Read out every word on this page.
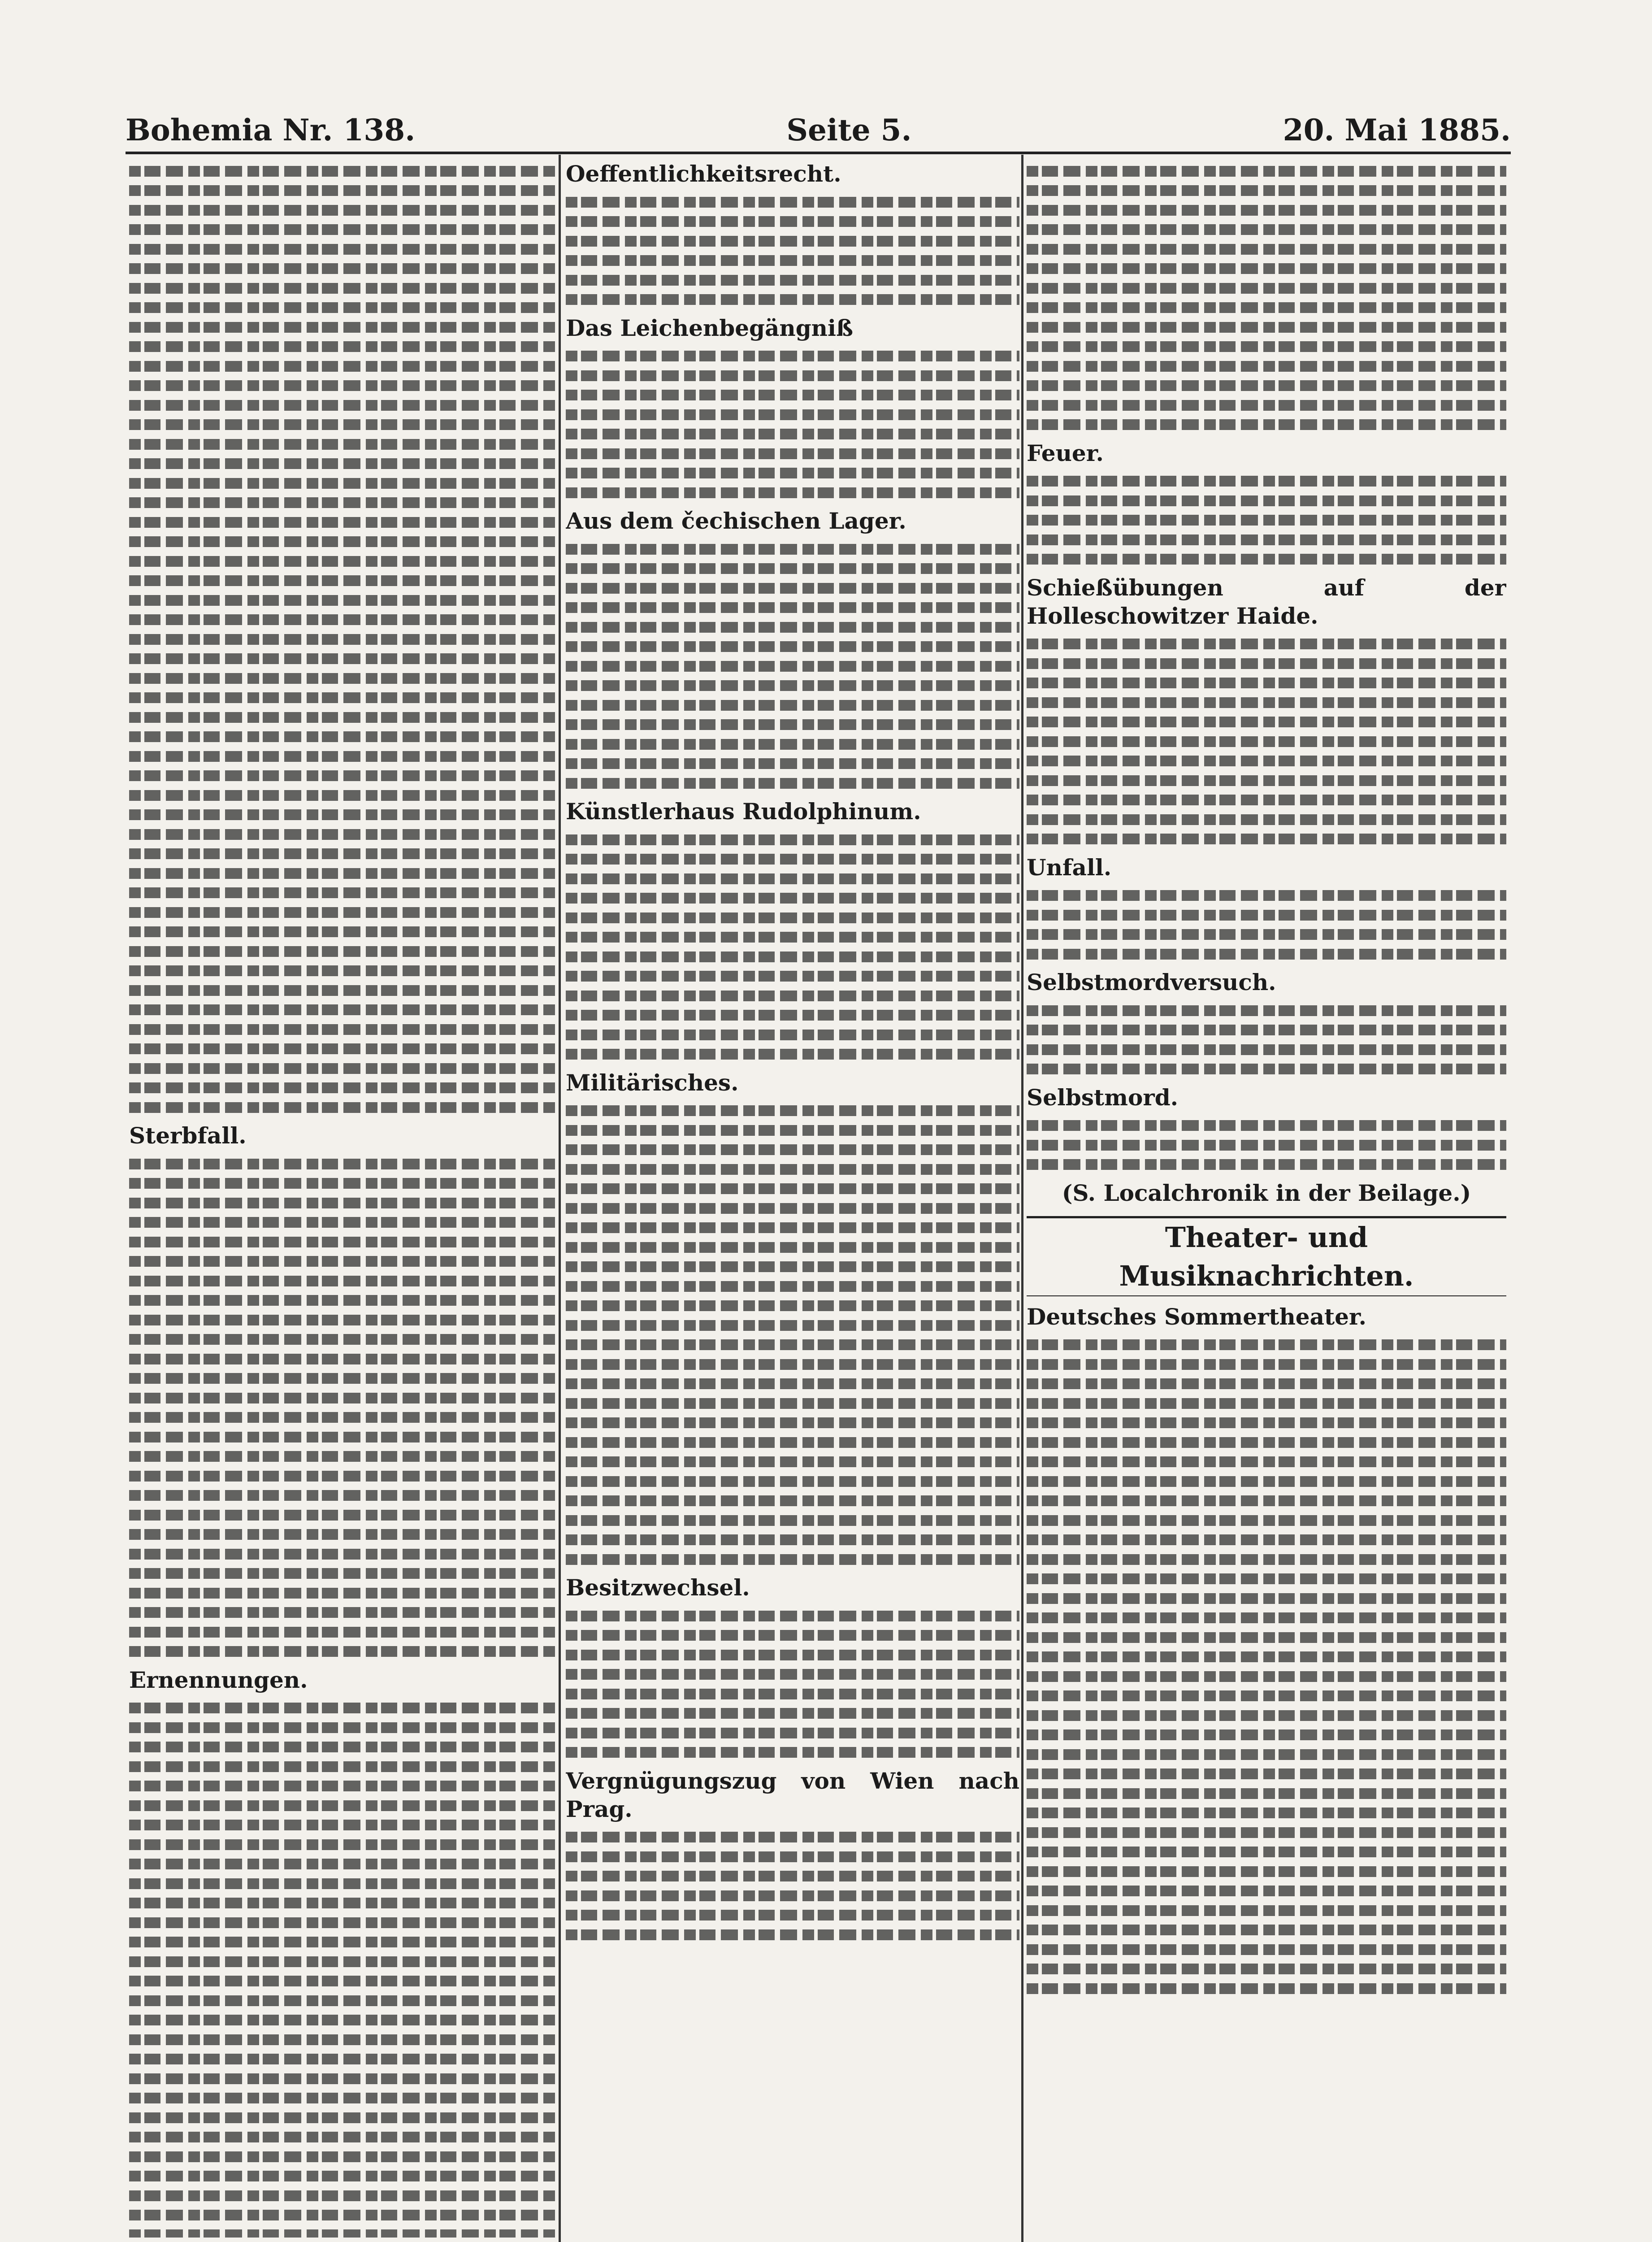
Bohemia Nr. 138.	Seite 5.	20. Mai 1885.
Sterbfall.
Ernennungen.
Oeffentlichkeitsrecht.
Das Leichenbegängniß
Aus dem čechischen Lager.
Künstlerhaus Rudolphinum.
Militärisches.
Besitzwechsel.
Vergnügungszug von Wien nach Prag.
Feuer.
Schießübungen auf der Holleschowitzer Haide.
Unfall.
Selbstmordversuch.
Selbstmord.
(S. Localchronik in der Beilage.)
Theater- und Musiknachrichten.
Deutsches Sommertheater.
